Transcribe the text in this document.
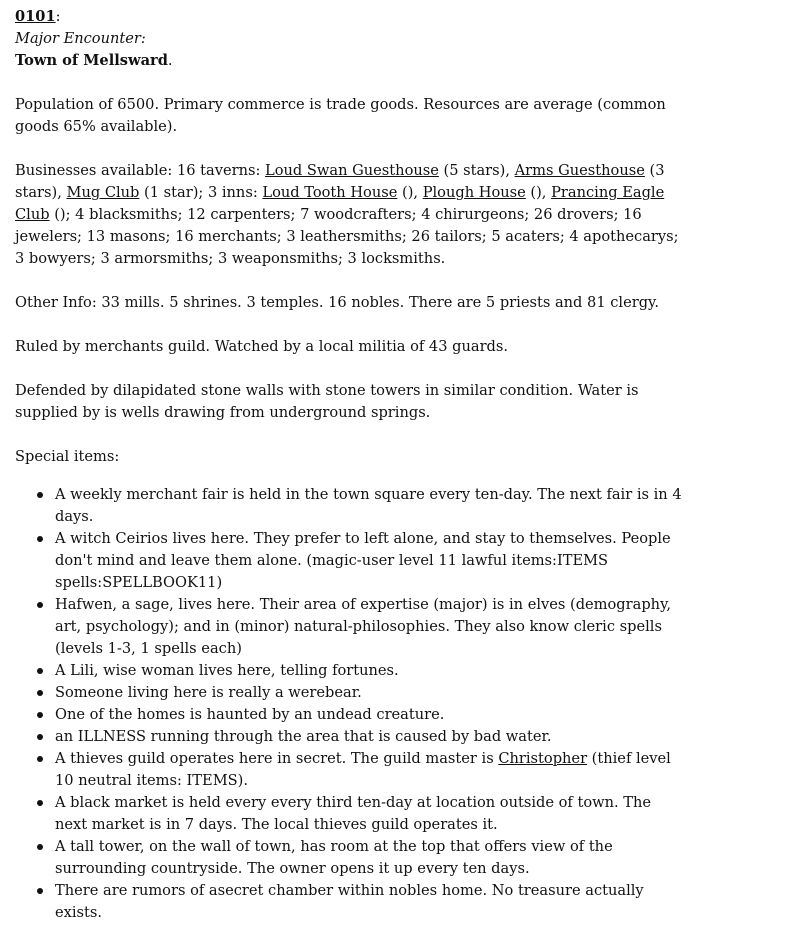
0101:
Major Encounter:
Town of Mellsward.

Population of 6500. Primary commerce is trade goods. Resources are average (common goods 65% available).

Businesses available: 16 taverns: Loud Swan Guesthouse (5 stars), Arms Guesthouse (3 stars), Mug Club (1 star); 3 inns: Loud Tooth House (), Plough House (), Prancing Eagle Club (); 4 blacksmiths; 12 carpenters; 7 woodcrafters; 4 chirurgeons; 26 drovers; 16 jewelers; 13 masons; 16 merchants; 3 leathersmiths; 26 tailors; 5 acaters; 4 apothecarys; 3 bowyers; 3 armorsmiths; 3 weaponsmiths; 3 locksmiths.

Other Info: 33 mills. 5 shrines. 3 temples. 16 nobles. There are 5 priests and 81 clergy.

Ruled by merchants guild. Watched by a local militia of 43 guards.

Defended by dilapidated stone walls with stone towers in similar condition. Water is supplied by is wells drawing from underground springs.

Special items:

A weekly merchant fair is held in the town square every ten-day. The next fair is in 4 days.
A witch Ceirios lives here. They prefer to left alone, and stay to themselves. People don't mind and leave them alone. (magic-user level 11 lawful items:ITEMS spells:SPELLBOOK11)
Hafwen, a sage, lives here. Their area of expertise (major) is in elves (demography, art, psychology); and in (minor) natural-philosophies. They also know cleric spells (levels 1-3, 1 spells each)
A Lili, wise woman lives here, telling fortunes.
Someone living here is really a werebear.
One of the homes is haunted by an undead creature.
an ILLNESS running through the area that is caused by bad water.
A thieves guild operates here in secret. The guild master is Christopher (thief level 10 neutral items: ITEMS).
A black market is held every every third ten-day at location outside of town. The next market is in 7 days. The local thieves guild operates it.
A tall tower, on the wall of town, has room at the top that offers view of the surrounding countryside. The owner opens it up every ten days.
There are rumors of asecret chamber within nobles home. No treasure actually exists.
